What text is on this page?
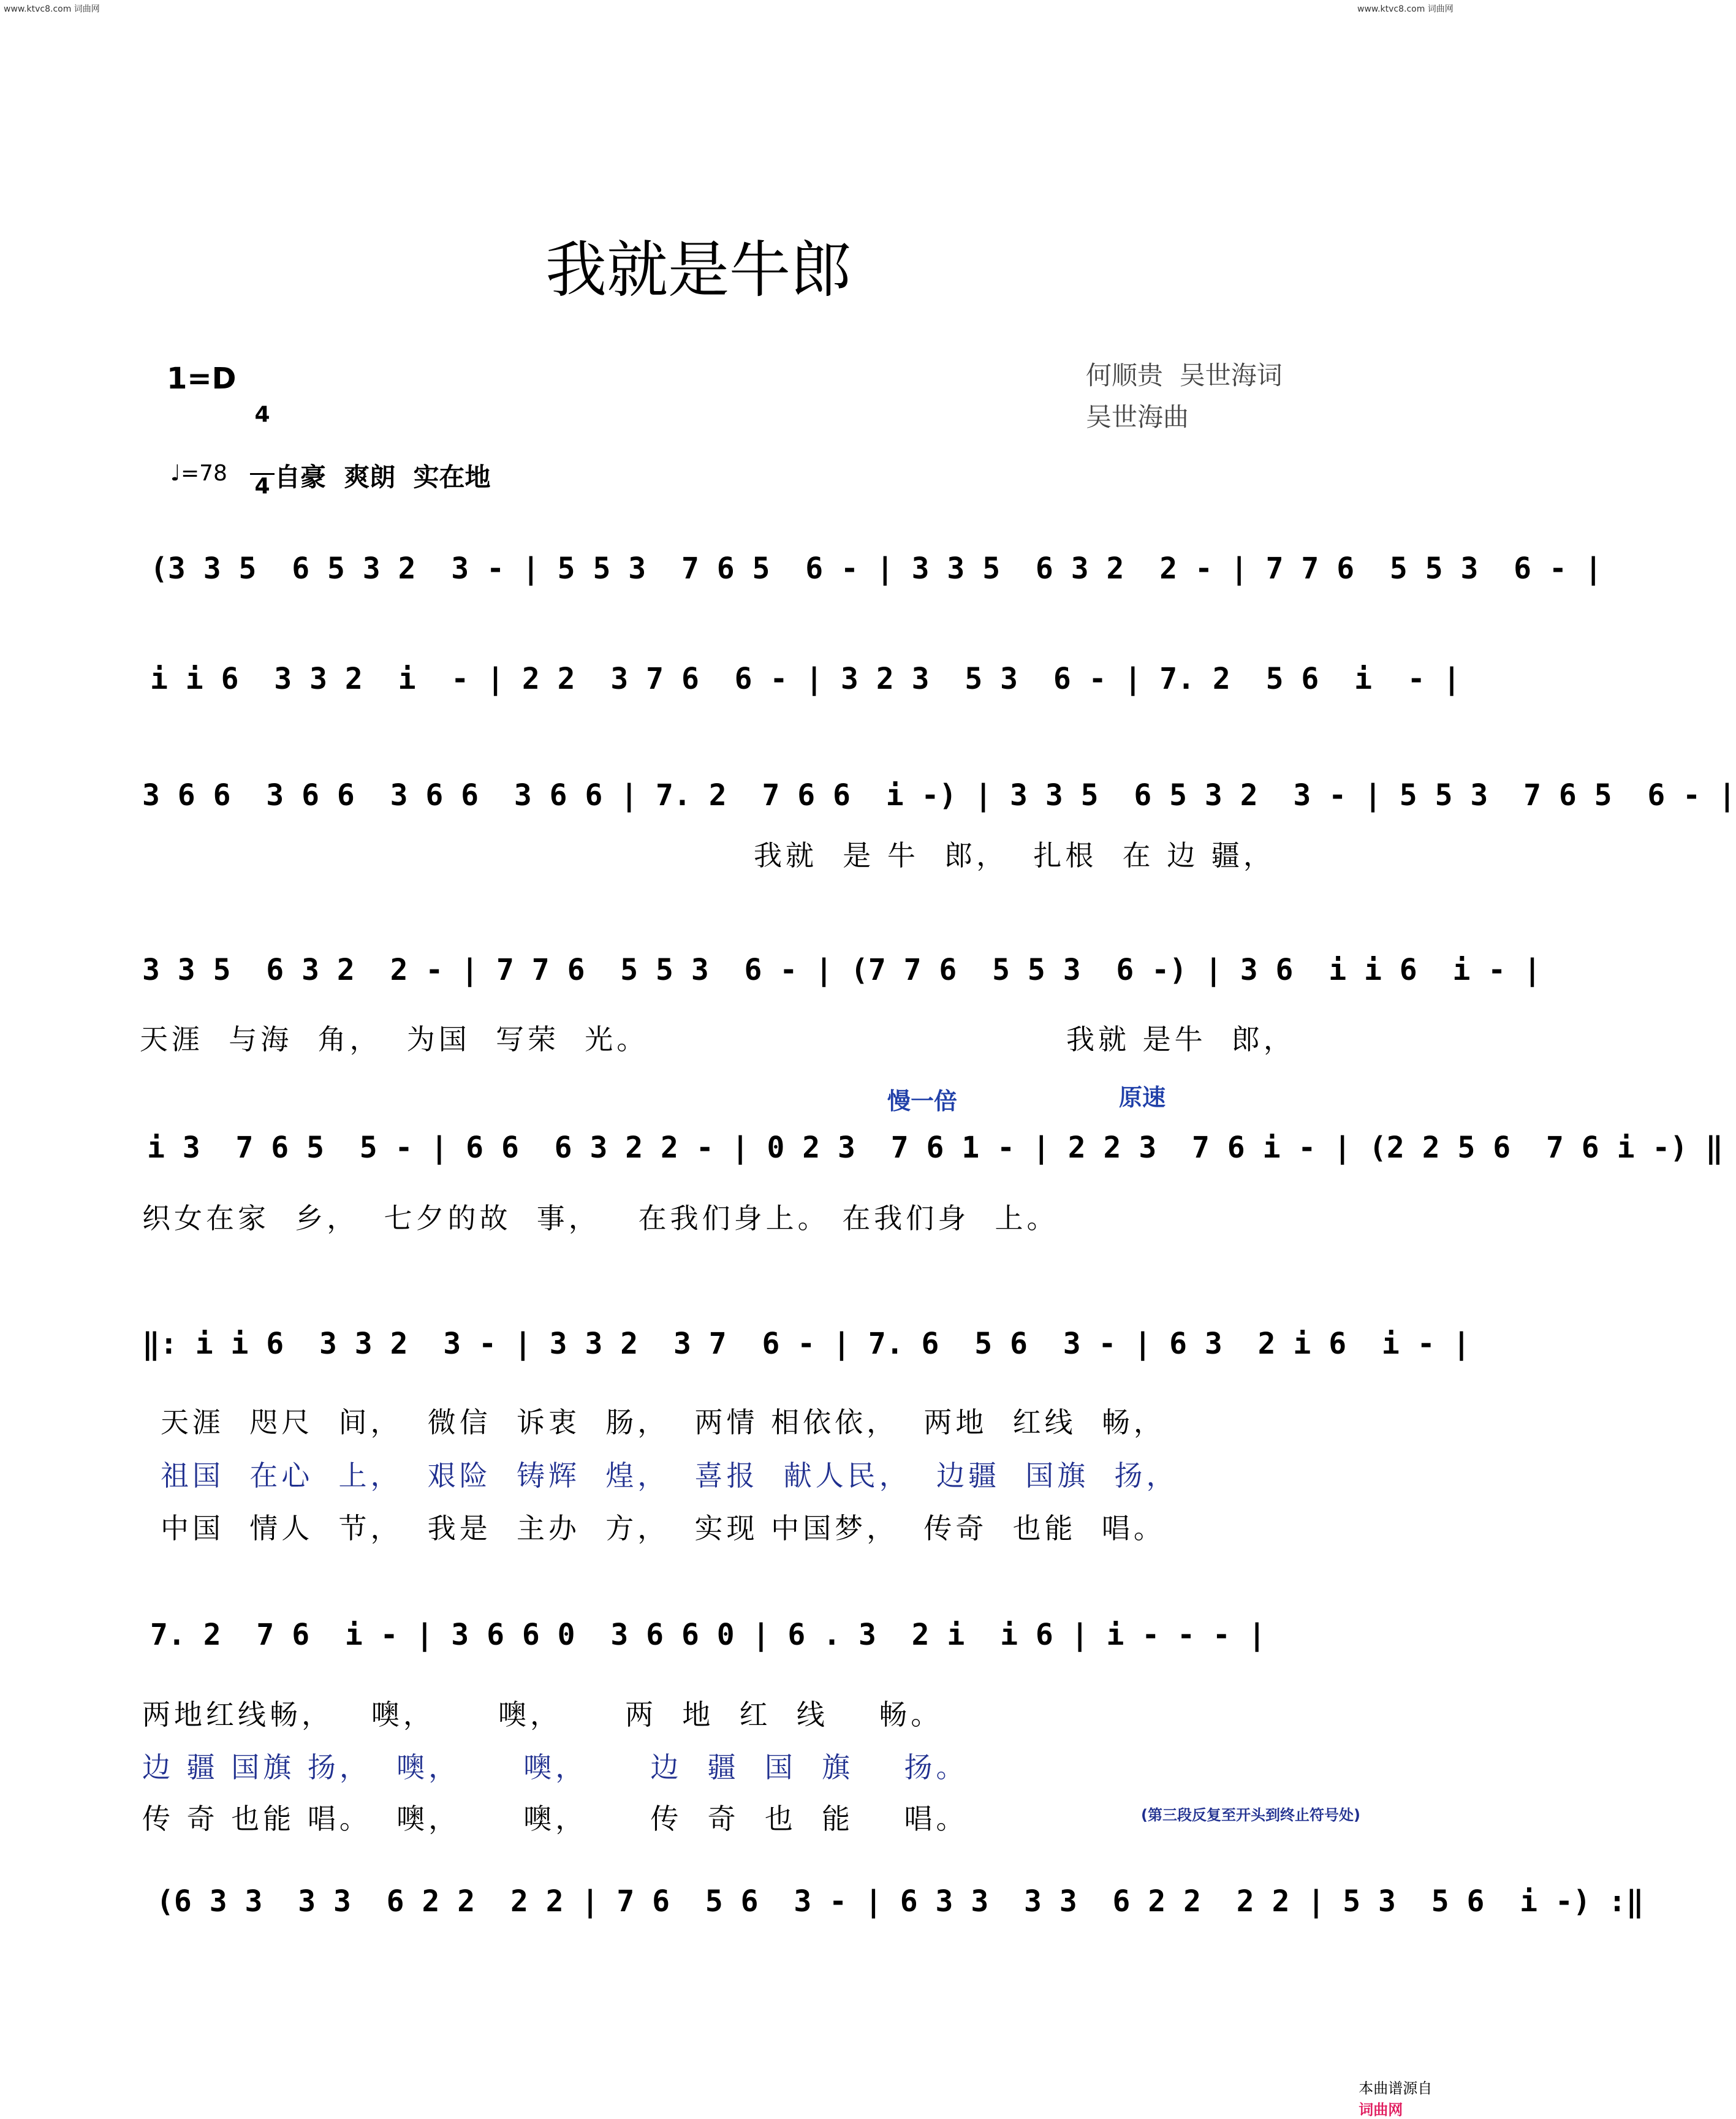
www.ktvc8.com 词曲网	www.ktvc8.com 词曲网
我就是牛郎
1=D

4

4

何顺贵  吴世海词
吴世海曲
♩=78 自豪  爽朗  实在地
(3 3 5  6 5 3 2  3 - | 5 5 3  7 6 5  6 - | 3 3 5  6 3 2  2 - | 7 7 6  5 5 3  6 - |
i i 6  3 3 2  i  - | 2 2  3 7 6  6 - | 3 2 3  5 3  6 - | 7. 2  5 6  i  - |
3 6 6  3 6 6  3 6 6  3 6 6 | 7. 2  7 6 6  i -) | 3 3 5  6 5 3 2  3 - | 5 5 3  7 6 5  6 - |
我就  是 牛  郎，  扎根  在 边 疆，
3 3 5  6 3 2  2 - | 7 7 6  5 5 3  6 - | (7 7 6  5 5 3  6 -) | 3 6  i i 6  i - |
天涯  与海  角，  为国  写荣  光。	我就 是牛  郎，
慢一倍	原速
i 3  7 6 5  5 - | 6 6  6 3 2 2 - | 0 2 3  7 6 1 - | 2 2 3  7 6 i - | (2 2 5 6  7 6 i -) ‖
织女在家  乡，  七夕的故  事，   在我们身上。 在我们身  上。
‖: i i 6  3 3 2  3 - | 3 3 2  3 7  6 - | 7. 6  5 6  3 - | 6 3  2 i 6  i - |
天涯  咫尺  间，  微信  诉衷  肠，  两情 相依依，  两地  红线  畅，
祖国  在心  上，  艰险  铸辉  煌，  喜报  献人民，  边疆  国旗  扬，
中国  情人  节，  我是  主办  方，  实现 中国梦，  传奇  也能  唱。
7. 2  7 6  i - | 3 6 6 0  3 6 6 0 | 6 . 3  2 i  i 6 | i - - - |
两地红线畅，   噢，     噢，     两  地  红  线    畅。
边 疆 国旗 扬，  噢，     噢，     边  疆  国  旗    扬。
传 奇 也能 唱。  噢，     噢，     传  奇  也  能    唱。	(第三段反复至开头到终止符号处)
(6 3 3  3 3  6 2 2  2 2 | 7 6  5 6  3 - | 6 3 3  3 3  6 2 2  2 2 | 5 3  5 6  i -) :‖

本曲谱源自
词曲网
